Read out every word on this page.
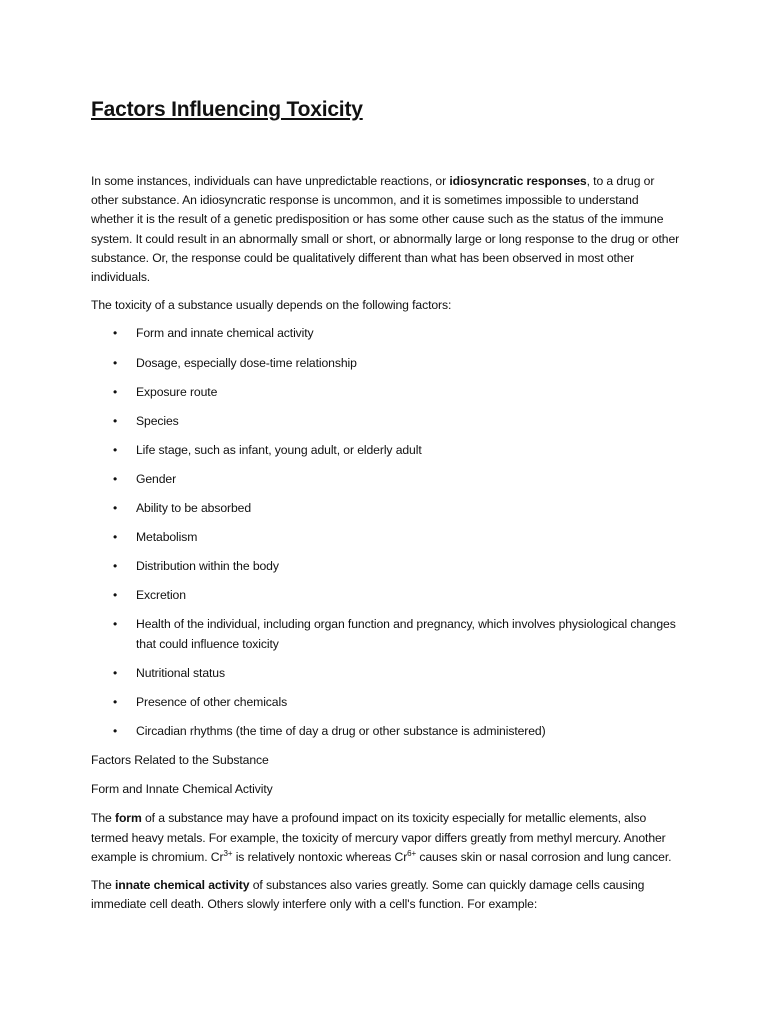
Factors Influencing Toxicity

In some instances, individuals can have unpredictable reactions, or idiosyncratic responses, to a drug or other substance. An idiosyncratic response is uncommon, and it is sometimes impossible to understand whether it is the result of a genetic predisposition or has some other cause such as the status of the immune system. It could result in an abnormally small or short, or abnormally large or long response to the drug or other substance. Or, the response could be qualitatively different than what has been observed in most other individuals.

The toxicity of a substance usually depends on the following factors:

• Form and innate chemical activity
• Dosage, especially dose-time relationship
• Exposure route
• Species
• Life stage, such as infant, young adult, or elderly adult
• Gender
• Ability to be absorbed
• Metabolism
• Distribution within the body
• Excretion
• Health of the individual, including organ function and pregnancy, which involves physiological changes that could influence toxicity
• Nutritional status
• Presence of other chemicals
• Circadian rhythms (the time of day a drug or other substance is administered)

Factors Related to the Substance

Form and Innate Chemical Activity

The form of a substance may have a profound impact on its toxicity especially for metallic elements, also termed heavy metals. For example, the toxicity of mercury vapor differs greatly from methyl mercury. Another example is chromium. $Cr^{3+}$ is relatively nontoxic whereas $Cr^{6+}$ causes skin or nasal corrosion and lung cancer.

The innate chemical activity of substances also varies greatly. Some can quickly damage cells causing immediate cell death. Others slowly interfere only with a cell's function. For example:
